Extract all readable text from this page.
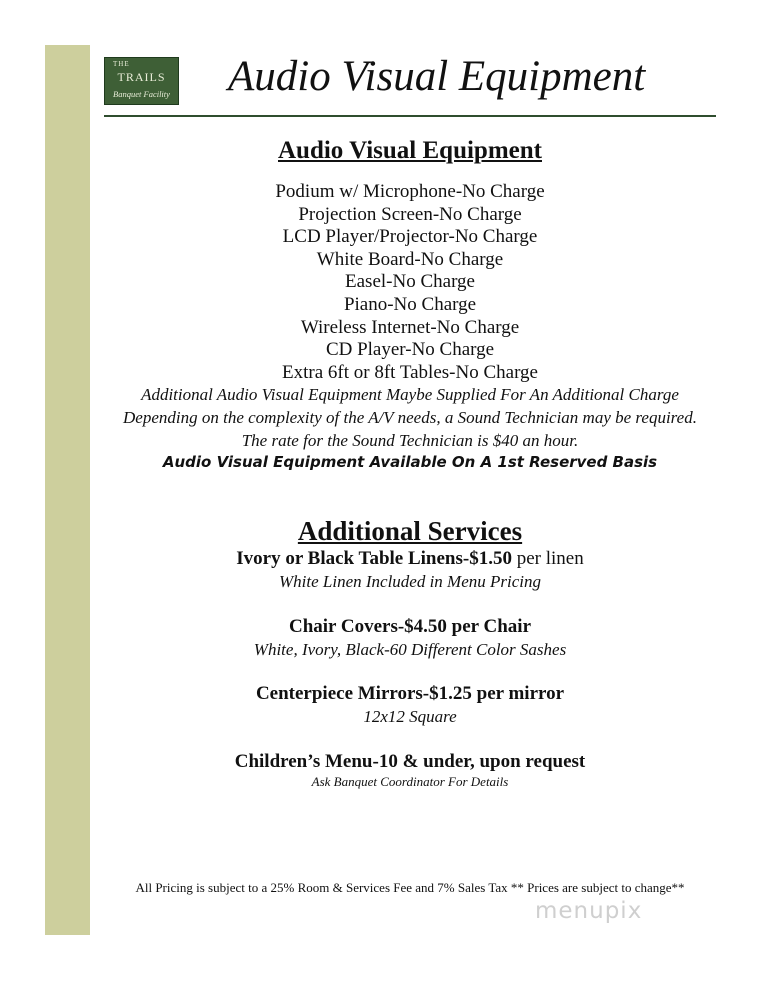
THE
TRAILS
Banquet Facility Audio Visual Equipment
Audio Visual Equipment
Podium w/ Microphone-No Charge
Projection Screen-No Charge
LCD Player/Projector-No Charge
White Board-No Charge
Easel-No Charge
Piano-No Charge
Wireless Internet-No Charge
CD Player-No Charge
Extra 6ft or 8ft Tables-No Charge
Additional Audio Visual Equipment Maybe Supplied For An Additional Charge
Depending on the complexity of the A/V needs, a Sound Technician may be required.
The rate for the Sound Technician is $40 an hour.
Audio Visual Equipment Available On A 1st Reserved Basis
Additional Services
Ivory or Black Table Linens-$1.50 per linen
White Linen Included in Menu Pricing
Chair Covers-$4.50 per Chair
White, Ivory, Black-60 Different Color Sashes
Centerpiece Mirrors-$1.25 per mirror
12x12 Square
Children’s Menu-10 & under, upon request
Ask Banquet Coordinator For Details
All Pricing is subject to a 25% Room & Services Fee and 7% Sales Tax ** Prices are subject to change**
menupix
